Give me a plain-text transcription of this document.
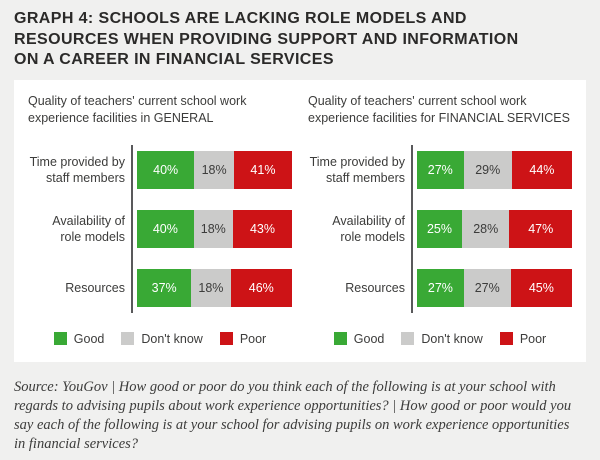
GRAPH 4: SCHOOLS ARE LACKING ROLE MODELS AND
RESOURCES WHEN PROVIDING SUPPORT AND INFORMATION
ON A CAREER IN FINANCIAL SERVICES
Quality of teachers' current school work
experience facilities in GENERAL
Time provided by staff members
40%	18%	41%
Availability of role models
40%	18%	43%
Resources	37%	18%	46%
Good	Don't know	Poor
Quality of teachers' current school work
experience facilities for FINANCIAL SERVICES
Time provided by staff members
27%	29%	44%
Availability of role models
25%	28%	47%
Resources	27%	27%	45%
Good	Don't know	Poor
Source: YouGov | How good or poor do you think each of the following is at your school with regards to advising pupils about work experience opportunities? | How good or poor would you say each of the following is at your school for advising pupils on work experience opportunities in financial services?
